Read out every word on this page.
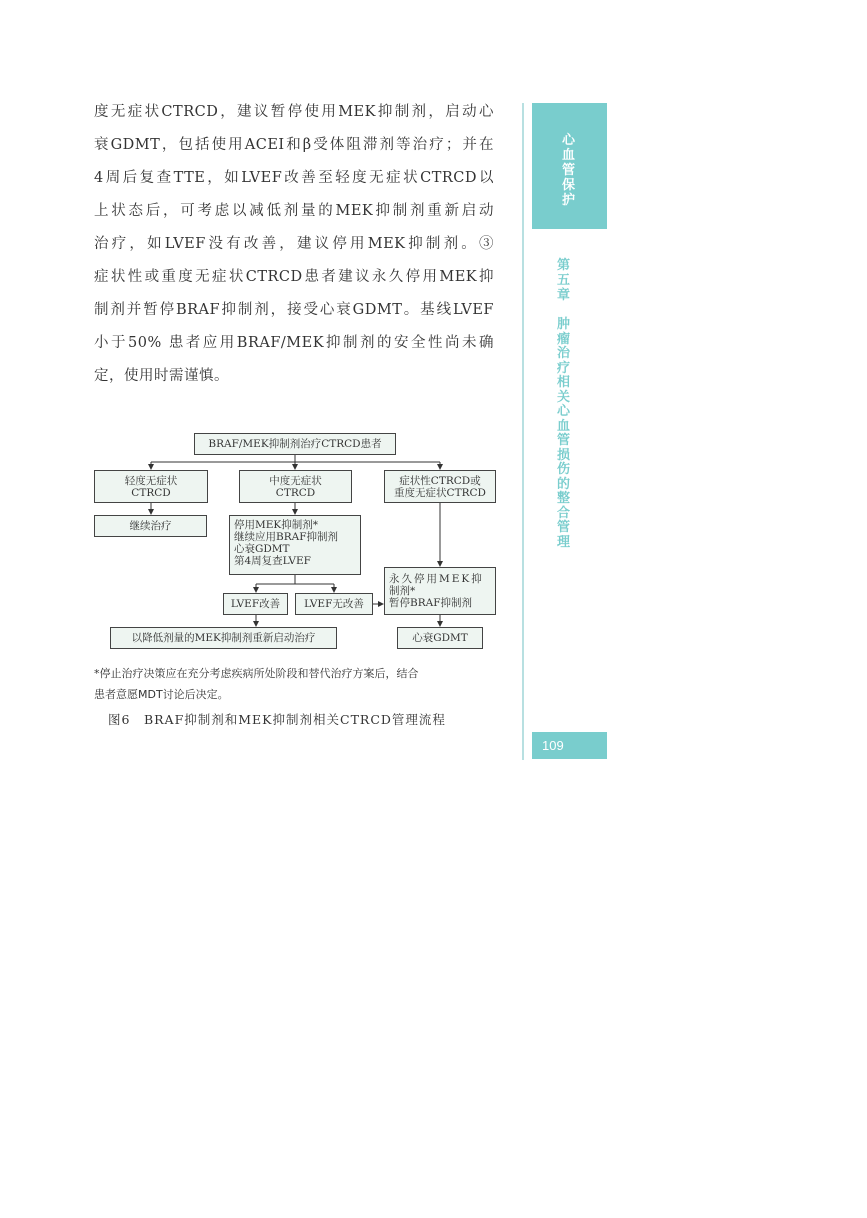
度无症状CTRCD，建议暂停使用MEK抑制剂，启动心
衰GDMT，包括使用ACEI和β受体阻滞剂等治疗；并在
4周后复查TTE，如LVEF改善至轻度无症状CTRCD以
上状态后，可考虑以减低剂量的MEK抑制剂重新启动
治疗，如LVEF没有改善，建议停用MEK抑制剂。③
症状性或重度无症状CTRCD患者建议永久停用MEK抑
制剂并暂停BRAF抑制剂，接受心衰GDMT。基线LVEF
小于50% 患者应用BRAF/MEK抑制剂的安全性尚未确
定，使用时需谨慎。
BRAF/MEK抑制剂治疗CTRCD患者
轻度无症状
CTRCD
中度无症状
CTRCD
症状性CTRCD或
重度无症状CTRCD
继续治疗	停用MEK抑制剂*
继续应用BRAF抑制剂
心衰GDMT
第4周复查LVEF
永久停用MEK抑
制剂*
暂停BRAF抑制剂
LVEF改善 LVEF无改善
以降低剂量的MEK抑制剂重新启动治疗	心衰GDMT
*停止治疗决策应在充分考虑疾病所处阶段和替代治疗方案后，结合
患者意愿MDT讨论后决定。
图6　BRAF抑制剂和MEK抑制剂相关CTRCD管理流程
心血管保护
第五章
肿瘤治疗相关心血管损伤的整合管理
109
